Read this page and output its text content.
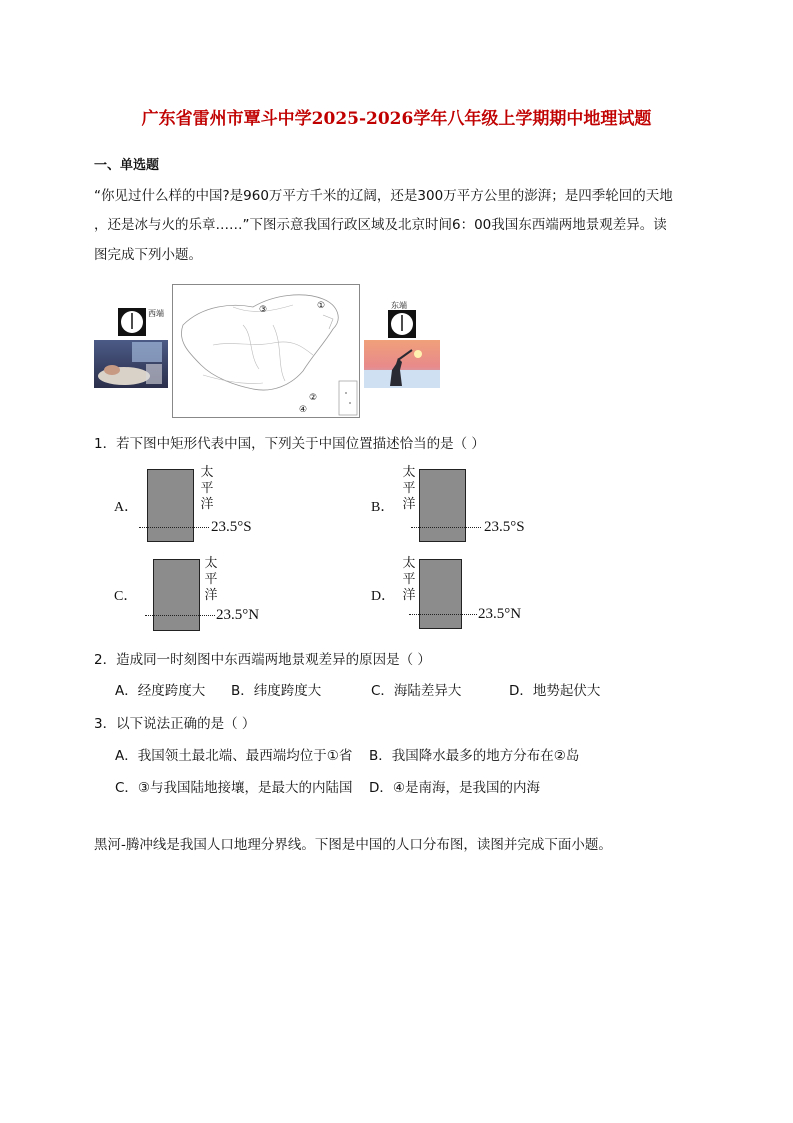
广东省雷州市覃斗中学2025-2026学年八年级上学期期中地理试题
一、单选题
“你见过什么样的中国?是960万平方千米的辽阔，还是300万平方公里的澎湃；是四季轮回的天地
，还是冰与火的乐章……”下图示意我国行政区域及北京时间6：00我国东西端两地景观差异。读
图完成下列小题。
西端	③	①
②
④
东端
1．若下图中矩形代表中国，下列关于中国位置描述恰当的是（ ）
A．
太
平
洋
23.5°S
B．
太
平
洋
23.5°S
C．
太
平
洋
23.5°N
D．
太
平
洋
23.5°N
2．造成同一时刻图中东西端两地景观差异的原因是（ ）
A．经度跨度大 B．纬度跨度大	C．海陆差异大	D．地势起伏大
3．以下说法正确的是（ ）
A．我国领土最北端、最西端均位于①省 B．我国降水最多的地方分布在②岛
C．③与我国陆地接壤，是最大的内陆国 D．④是南海，是我国的内海
黑河-腾冲线是我国人口地理分界线。下图是中国的人口分布图，读图并完成下面小题。
